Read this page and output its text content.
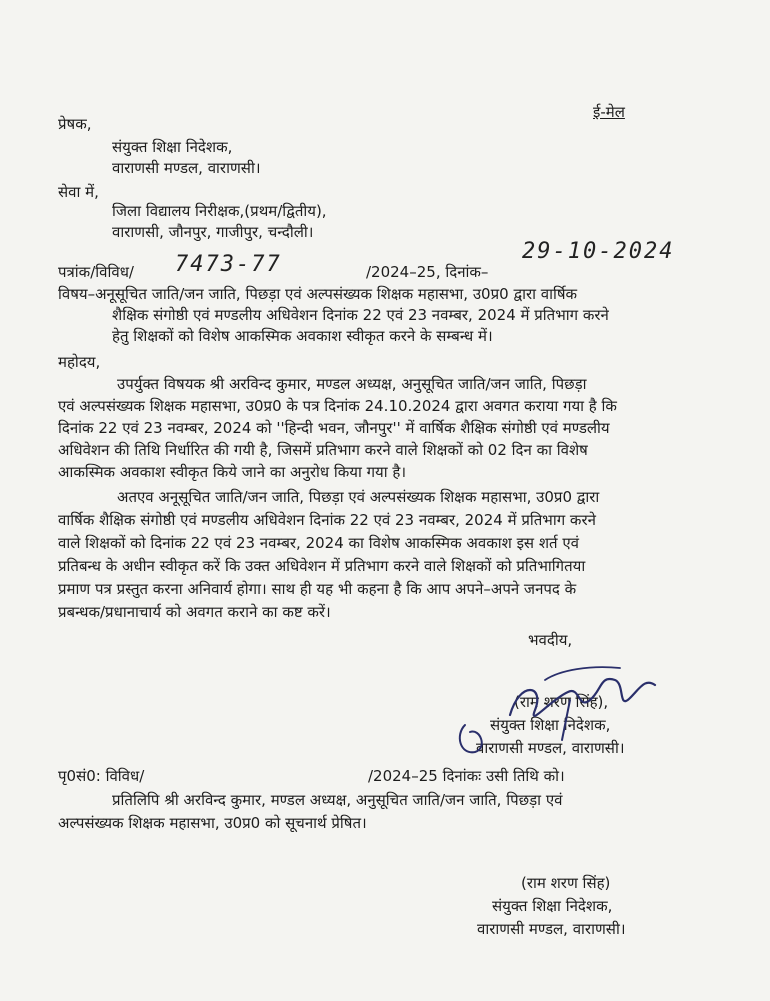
ई-मेल
प्रेषक,
संयुक्त शिक्षा निदेशक,
वाराणसी मण्डल, वाराणसी।
सेवा में,
जिला विद्यालय निरीक्षक,(प्रथम/द्वितीय),
वाराणसी, जौनपुर, गाजीपुर, चन्दौली।
पत्रांक/विविध/ 7473-77	/2024–25, दिनांक–
29-10-2024
विषय–अनूसूचित जाति/जन जाति, पिछड़ा एवं अल्पसंख्यक शिक्षक महासभा, उ0प्र0 द्वारा वार्षिक
शैक्षिक संगोष्ठी एवं मण्डलीय अधिवेशन दिनांक 22 एवं 23 नवम्बर, 2024 में प्रतिभाग करने
हेतु शिक्षकों को विशेष आकस्मिक अवकाश स्वीकृत करने के सम्बन्ध में।
महोदय,
उपर्युक्त विषयक श्री अरविन्द कुमार, मण्डल अध्यक्ष, अनुसूचित जाति/जन जाति, पिछड़ा
एवं अल्पसंख्यक शिक्षक महासभा, उ0प्र0 के पत्र दिनांक 24.10.2024 द्वारा अवगत कराया गया है कि
दिनांक 22 एवं 23 नवम्बर, 2024 को ''हिन्दी भवन, जौनपुर'' में वार्षिक शैक्षिक संगोष्ठी एवं मण्डलीय
अधिवेशन की तिथि निर्धारित की गयी है, जिसमें प्रतिभाग करने वाले शिक्षकों को 02 दिन का विशेष
आकस्मिक अवकाश स्वीकृत किये जाने का अनुरोध किया गया है।
अतएव अनूसूचित जाति/जन जाति, पिछड़ा एवं अल्पसंख्यक शिक्षक महासभा, उ0प्र0 द्वारा
वार्षिक शैक्षिक संगोष्ठी एवं मण्डलीय अधिवेशन दिनांक 22 एवं 23 नवम्बर, 2024 में प्रतिभाग करने
वाले शिक्षकों को दिनांक 22 एवं 23 नवम्बर, 2024 का विशेष आकस्मिक अवकाश इस शर्त एवं
प्रतिबन्ध के अधीन स्वीकृत करें कि उक्त अधिवेशन में प्रतिभाग करने वाले शिक्षकों को प्रतिभागितया
प्रमाण पत्र प्रस्तुत करना अनिवार्य होगा। साथ ही यह भी कहना है कि आप अपने–अपने जनपद के
प्रबन्धक/प्रधानाचार्य को अवगत कराने का कष्ट करें।
भवदीय,
(राम शरण सिंह),
संयुक्त शिक्षा निदेशक,
वाराणसी मण्डल, वाराणसी।
पृ0सं0: विविध/	/2024–25 दिनांकः उसी तिथि को।
प्रतिलिपि श्री अरविन्द कुमार, मण्डल अध्यक्ष, अनुसूचित जाति/जन जाति, पिछड़ा एवं
अल्पसंख्यक शिक्षक महासभा, उ0प्र0 को सूचनार्थ प्रेषित।
(राम शरण सिंह)
संयुक्त शिक्षा निदेशक,
वाराणसी मण्डल, वाराणसी।
